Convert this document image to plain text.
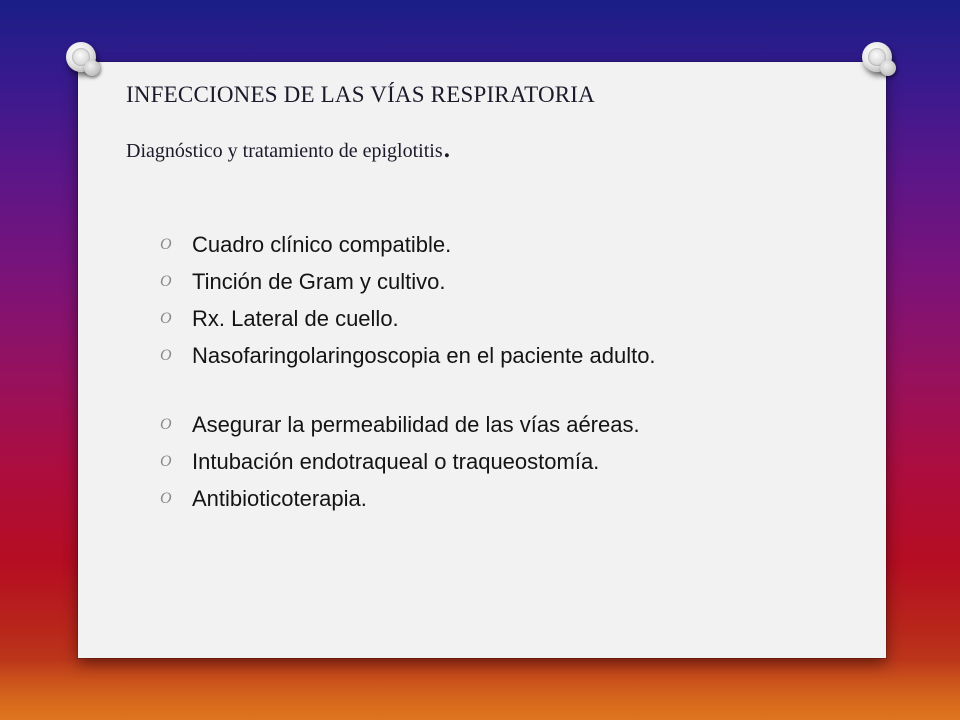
INFECCIONES DE LAS VÍAS RESPIRATORIA

Diagnóstico y tratamiento de epiglotitis.

O Cuadro clínico compatible.
O Tinción de Gram y cultivo.
O Rx. Lateral de cuello.
O Nasofaringolaringoscopia en el paciente adulto.
O Asegurar la permeabilidad de las vías aéreas.
O Intubación endotraqueal o traqueostomía.
O Antibioticoterapia.
